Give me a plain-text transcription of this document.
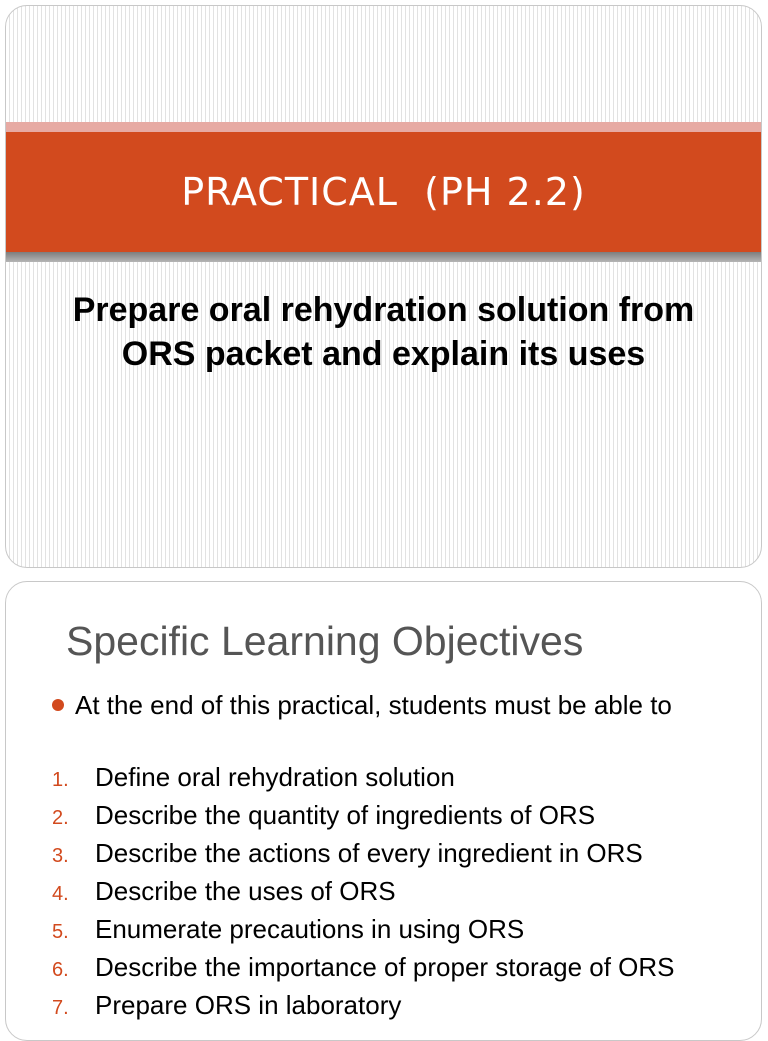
PRACTICAL  (PH 2.2)
Prepare oral rehydration solution from
ORS packet and explain its uses
Specific Learning Objectives
At the end of this practical, students must be able to
1.	Define oral rehydration solution
2.	Describe the quantity of ingredients of ORS
3.	Describe the actions of every ingredient in ORS
4.	Describe the uses of ORS
5.	Enumerate precautions in using ORS
6.	Describe the importance of proper storage of ORS
7.	Prepare ORS in laboratory
